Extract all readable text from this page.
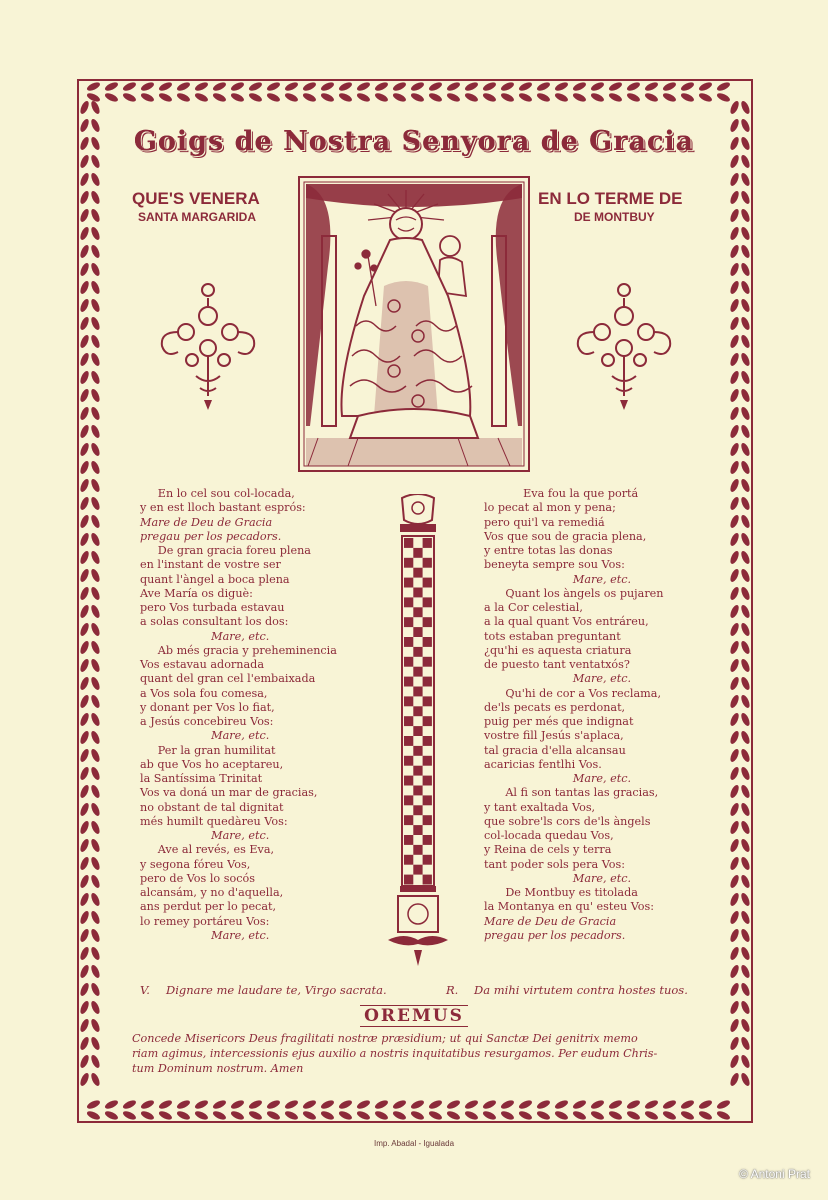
Goigs de Nostra Senyora de Gracia
QUE'S VENERA
SANTA MARGARIDA
EN LO TERME DE
DE MONTBUY
En lo cel sou col-locada,
y en est lloch bastant esprós:
Mare de Deu de Gracia
pregau per los pecadors.
De gran gracia foreu plena
en l'instant de vostre ser
quant l'àngel a boca plena
Ave María os diguè:
pero Vos turbada estavau
a solas consultant los dos:
Mare, etc.
Ab més gracia y preheminencia
Vos estavau adornada
quant del gran cel l'embaixada
a Vos sola fou comesa,
y donant per Vos lo fiat,
a Jesús concebireu Vos:
Mare, etc.
Per la gran humilitat
ab que Vos ho aceptareu,
la Santíssima Trinitat
Vos va doná un mar de gracias,
no obstant de tal dignitat
més humilt quedàreu Vos:
Mare, etc.
Ave al revés, es Eva,
y segona fóreu Vos,
pero de Vos lo socós
alcansám, y no d'aquella,
ans perdut per lo pecat,
lo remey portáreu Vos:
Mare, etc.
Eva fou la que portá
lo pecat al mon y pena;
pero qui'l va remediá
Vos que sou de gracia plena,
y entre totas las donas
beneyta sempre sou Vos:
Mare, etc.
Quant los àngels os pujaren
a la Cor celestial,
a la qual quant Vos entráreu,
tots estaban preguntant
¿qu'hi es aquesta criatura
de puesto tant ventatxós?
Mare, etc.
Qu'hi de cor a Vos reclama,
de'ls pecats es perdonat,
puig per més que indignat
vostre fill Jesús s'aplaca,
tal gracia d'ella alcansau
acaricias fentlhi Vos.
Mare, etc.
Al fi son tantas las gracias,
y tant exaltada Vos,
que sobre'ls cors de'ls àngels
col-locada quedau Vos,
y Reina de cels y terra
tant poder sols pera Vos:
Mare, etc.
De Montbuy es titolada
la Montanya en qu' esteu Vos:
Mare de Deu de Gracia
pregau per los pecadors.
V. Dignare me laudare te, Virgo sacrata.	R. Da mihi virtutem contra hostes tuos.
OREMUS
Concede Misericors Deus fragilitati nostræ præsidium; ut qui Sanctæ Dei genitrix memo
riam agimus, intercessionis ejus auxilio a nostris inquitatibus resurgamos. Per eudum Chris-
tum Dominum nostrum. Amen
Imp. Abadal - Igualada
© Antoni Prat
